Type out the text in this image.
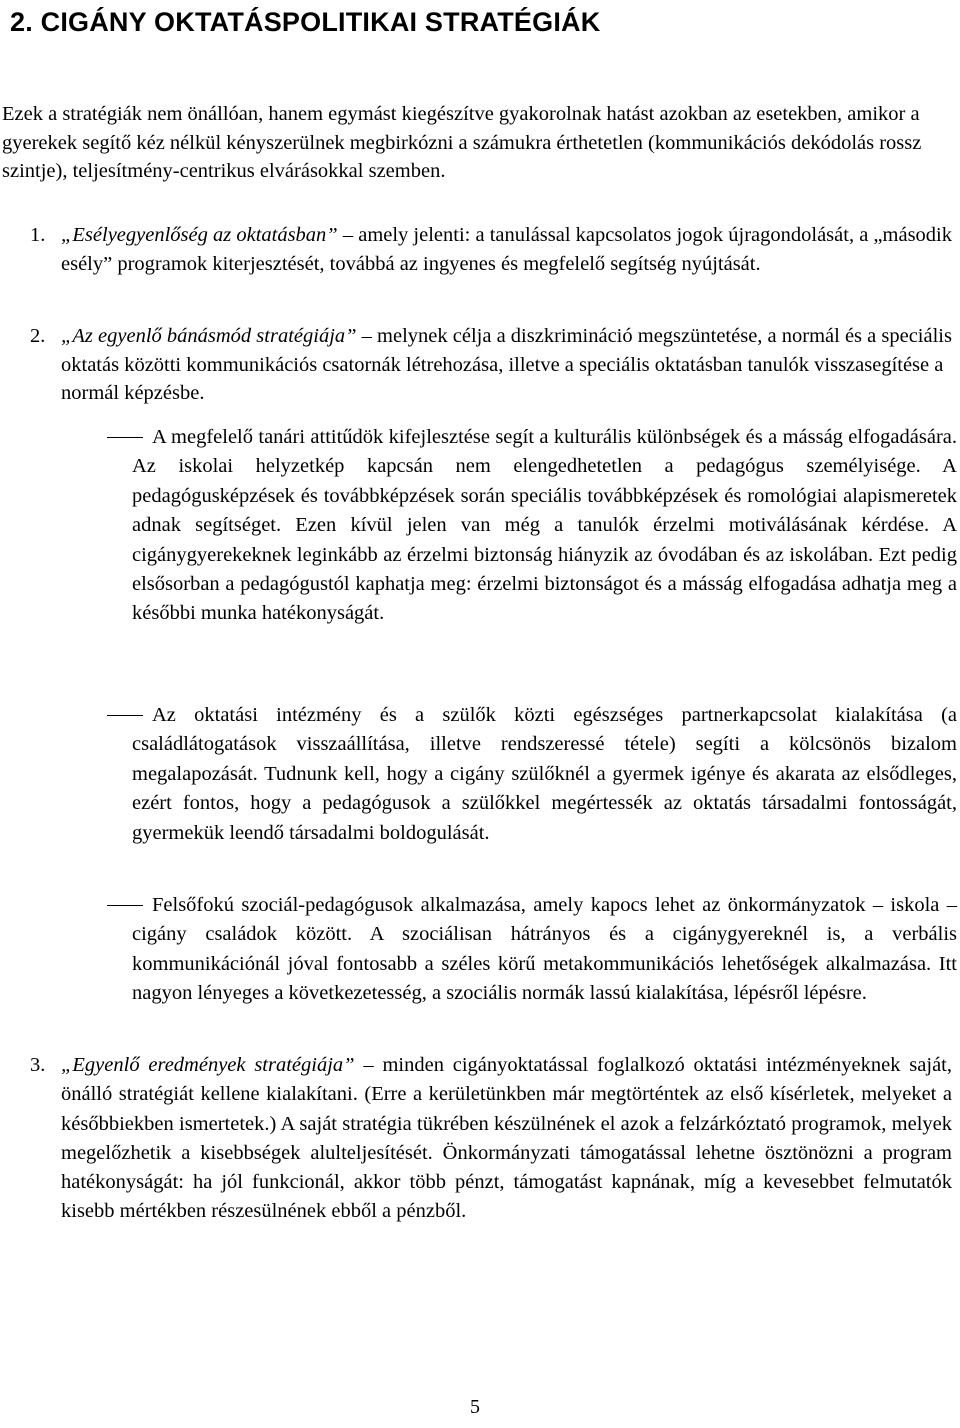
2. CIGÁNY OKTATÁSPOLITIKAI STRATÉGIÁK
Ezek a stratégiák nem önállóan, hanem egymást kiegészítve gyakorolnak hatást azokban az esetekben, amikor a gyerekek segítő kéz nélkül kényszerülnek megbirkózni a számukra érthetetlen (kommunikációs dekódolás rossz szintje), teljesítmény-centrikus elvárásokkal szemben.
1. „Esélyegyenlőség az oktatásban” – amely jelenti: a tanulással kapcsolatos jogok újragondolását, a „második esély” programok kiterjesztését, továbbá az ingyenes és megfelelő segítség nyújtását.
2. „Az egyenlő bánásmód stratégiája” – melynek célja a diszkrimináció megszüntetése, a normál és a speciális oktatás közötti kommunikációs csatornák létrehozása, illetve a speciális oktatásban tanulók visszasegítése a normál képzésbe.
A megfelelő tanári attitűdök kifejlesztése segít a kulturális különbségek és a másság elfogadására. Az iskolai helyzetkép kapcsán nem elengedhetetlen a pedagógus személyisége. A pedagógusképzések és továbbképzések során speciális továbbképzések és romológiai alapismeretek adnak segítséget. Ezen kívül jelen van még a tanulók érzelmi motiválásának kérdése. A cigánygyerekeknek leginkább az érzelmi biztonság hiányzik az óvodában és az iskolában. Ezt pedig elsősorban a pedagógustól kaphatja meg: érzelmi biztonságot és a másság elfogadása adhatja meg a későbbi munka hatékonyságát.
Az oktatási intézmény és a szülők közti egészséges partnerkapcsolat kialakítása (a családlátogatások visszaállítása, illetve rendszeressé tétele) segíti a kölcsönös bizalom megalapozását. Tudnunk kell, hogy a cigány szülőknél a gyermek igénye és akarata az elsődleges, ezért fontos, hogy a pedagógusok a szülőkkel megértessék az oktatás társadalmi fontosságát, gyermekük leendő társadalmi boldogulását.
Felsőfokú szociál-pedagógusok alkalmazása, amely kapocs lehet az önkormányzatok – iskola – cigány családok között. A szociálisan hátrányos és a cigánygyereknél is, a verbális kommunikációnál jóval fontosabb a széles körű metakommunikációs lehetőségek alkalmazása. Itt nagyon lényeges a következetesség, a szociális normák lassú kialakítása, lépésről lépésre.
3. „Egyenlő eredmények stratégiája” – minden cigányoktatással foglalkozó oktatási intézményeknek saját, önálló stratégiát kellene kialakítani. (Erre a kerületünkben már megtörténtek az első kísérletek, melyeket a későbbiekben ismertetek.) A saját stratégia tükrében készülnének el azok a felzárkóztató programok, melyek megelőzhetik a kisebbségek alulteljesítését. Önkormányzati támogatással lehetne ösztönözni a program hatékonyságát: ha jól funkcionál, akkor több pénzt, támogatást kapnának, míg a kevesebbet felmutatók kisebb mértékben részesülnének ebből a pénzből.
5
